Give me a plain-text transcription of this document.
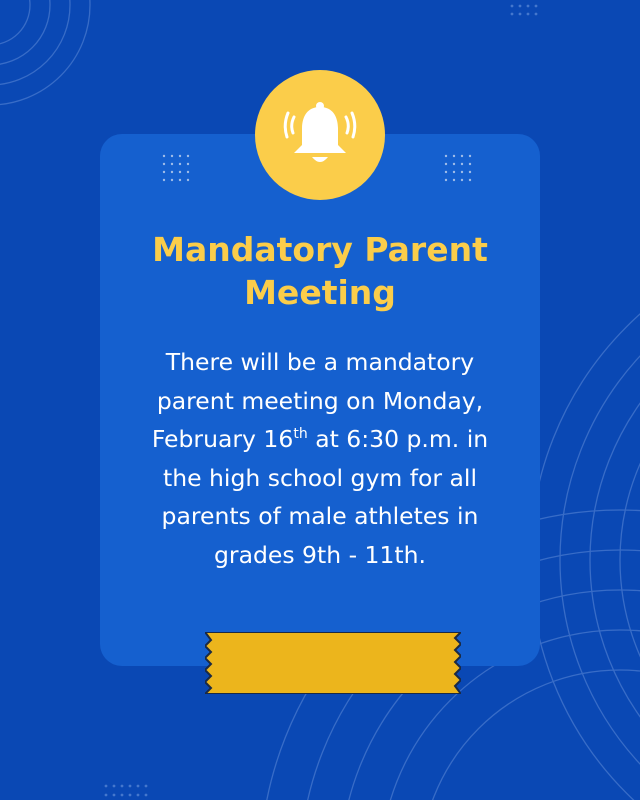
Mandatory Parent Meeting

There will be a mandatory
parent meeting on Monday,
February 16th at 6:30 p.m. in
the high school gym for all
parents of male athletes in
grades 9th - 11th.
